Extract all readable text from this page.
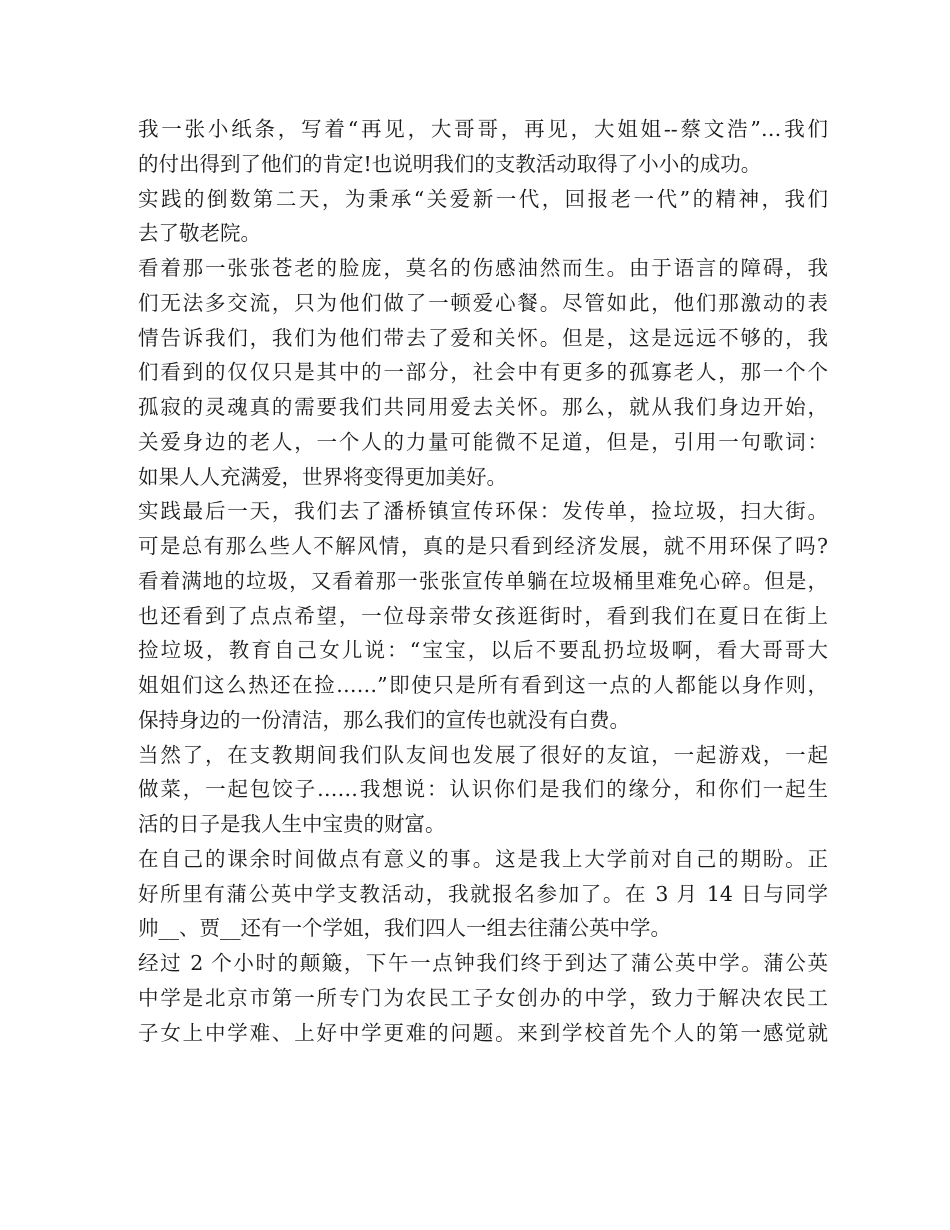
我一张小纸条，写着“再见，大哥哥，再见，大姐姐--蔡文浩”…我们
的付出得到了他们的肯定!也说明我们的支教活动取得了小小的成功。
实践的倒数第二天，为秉承“关爱新一代，回报老一代”的精神，我们
去了敬老院。
看着那一张张苍老的脸庞，莫名的伤感油然而生。由于语言的障碍，我
们无法多交流，只为他们做了一顿爱心餐。尽管如此，他们那激动的表
情告诉我们，我们为他们带去了爱和关怀。但是，这是远远不够的，我
们看到的仅仅只是其中的一部分，社会中有更多的孤寡老人，那一个个
孤寂的灵魂真的需要我们共同用爱去关怀。那么，就从我们身边开始，
关爱身边的老人，一个人的力量可能微不足道，但是，引用一句歌词：
如果人人充满爱，世界将变得更加美好。
实践最后一天，我们去了潘桥镇宣传环保：发传单，捡垃圾，扫大街。
可是总有那么些人不解风情，真的是只看到经济发展，就不用环保了吗?
看着满地的垃圾，又看着那一张张宣传单躺在垃圾桶里难免心碎。但是，
也还看到了点点希望，一位母亲带女孩逛街时，看到我们在夏日在街上
捡垃圾，教育自己女儿说：“宝宝，以后不要乱扔垃圾啊，看大哥哥大
姐姐们这么热还在捡……”即使只是所有看到这一点的人都能以身作则，
保持身边的一份清洁，那么我们的宣传也就没有白费。
当然了，在支教期间我们队友间也发展了很好的友谊，一起游戏，一起
做菜，一起包饺子……我想说：认识你们是我们的缘分，和你们一起生
活的日子是我人生中宝贵的财富。
在自己的课余时间做点有意义的事。这是我上大学前对自己的期盼。正
好所里有蒲公英中学支教活动，我就报名参加了。在 3 月 14 日与同学
帅__、贾__还有一个学姐，我们四人一组去往蒲公英中学。
经过 2 个小时的颠簸，下午一点钟我们终于到达了蒲公英中学。蒲公英
中学是北京市第一所专门为农民工子女创办的中学，致力于解决农民工
子女上中学难、上好中学更难的问题。来到学校首先个人的第一感觉就
